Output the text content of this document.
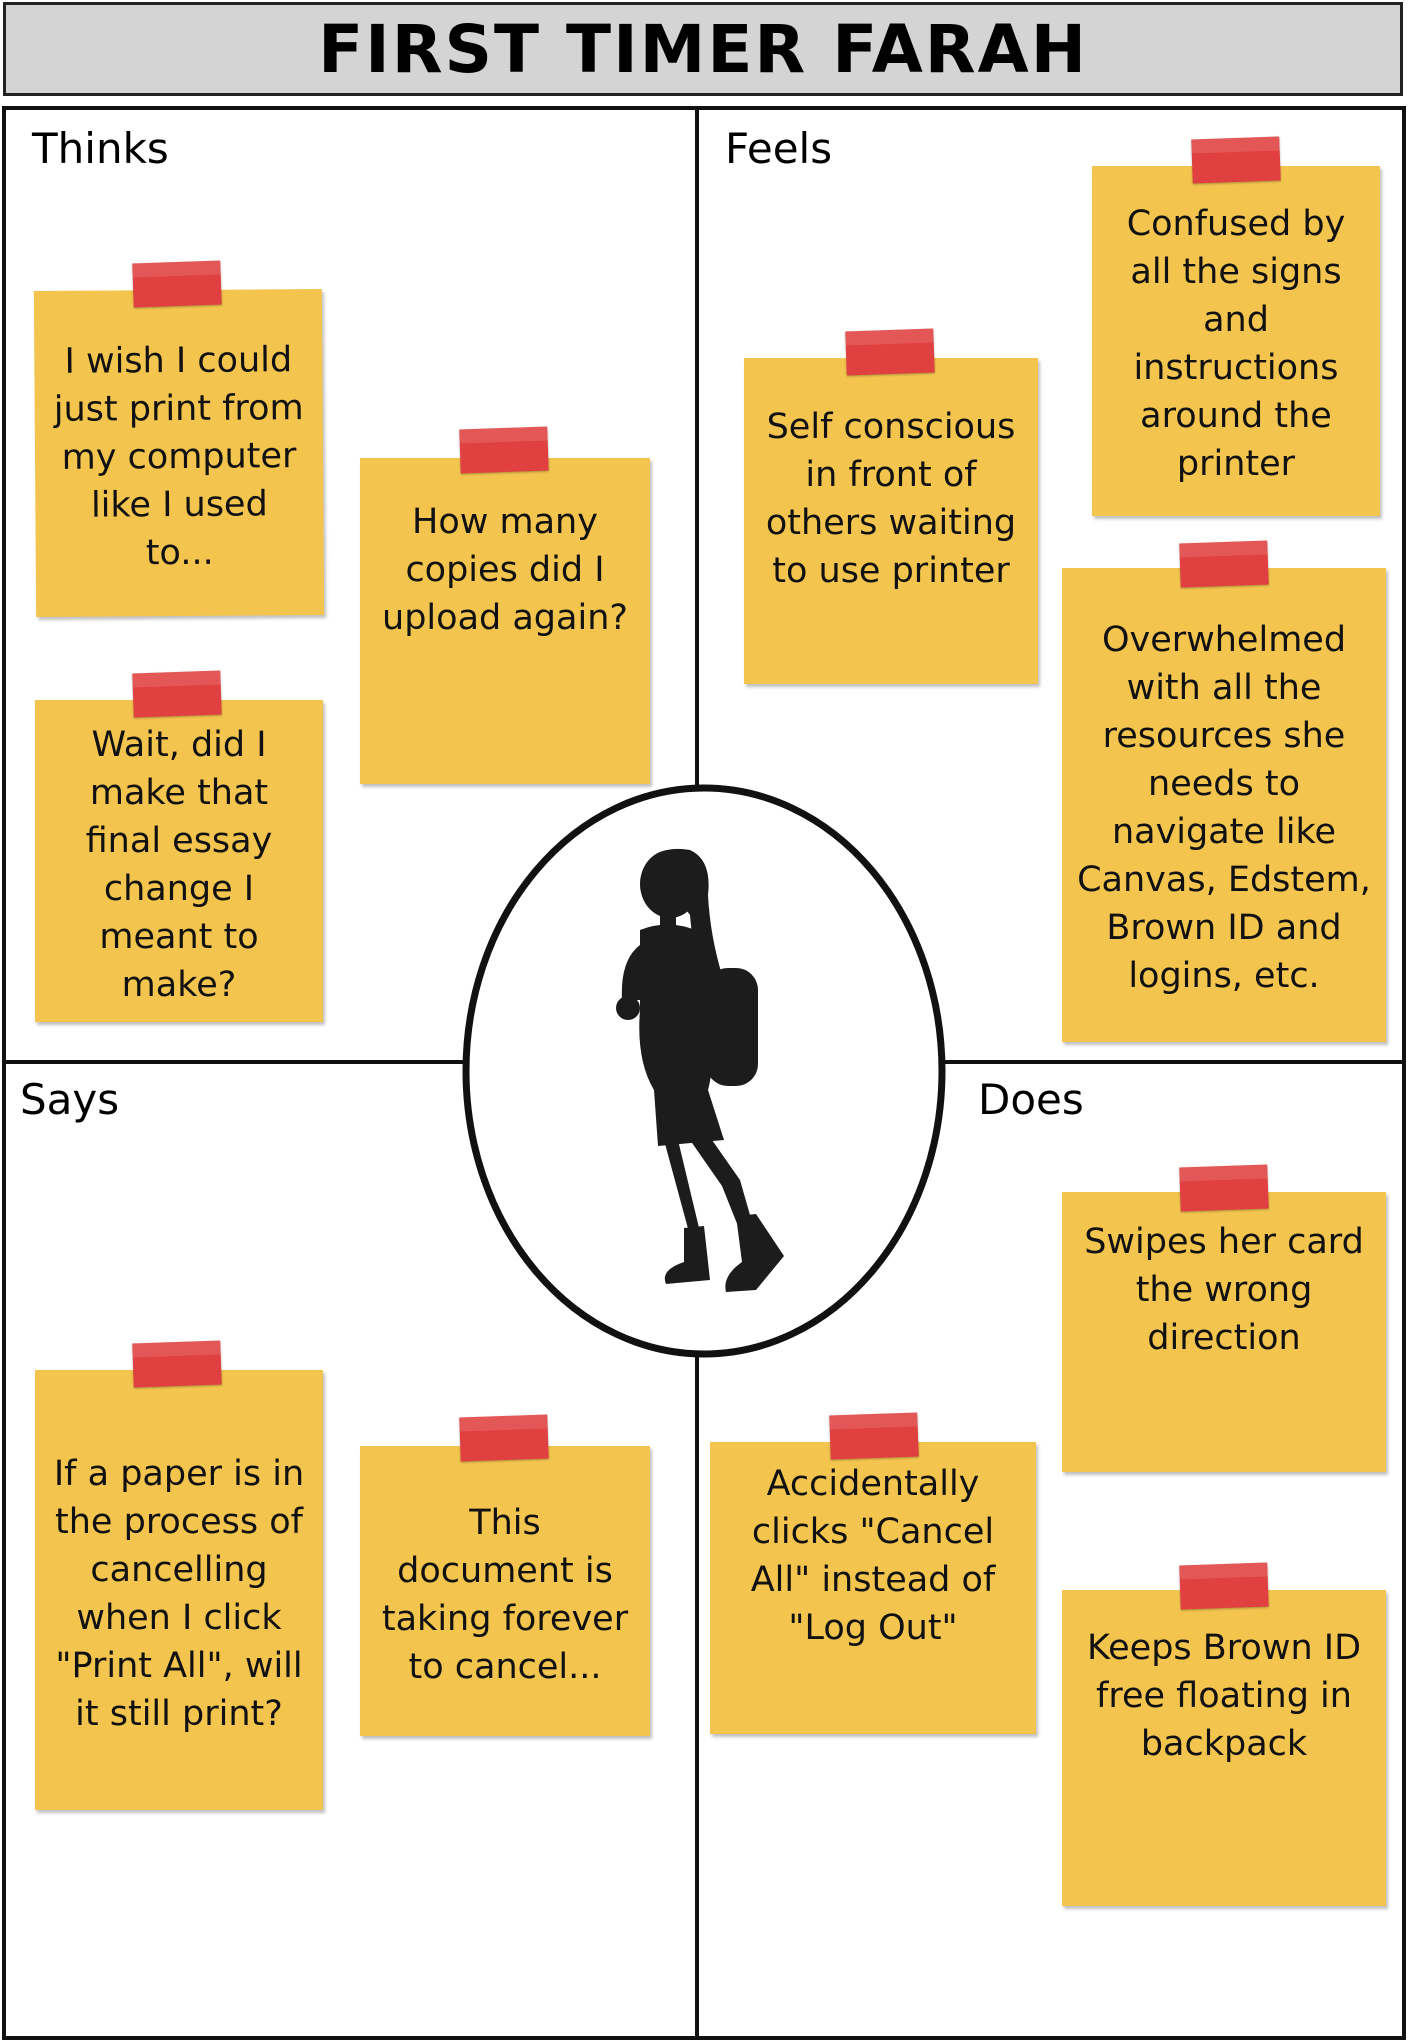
FIRST TIMER FARAH
Thinks	Feels
Says	Does
I wish I could just print from my computer like I used to...
How many copies did I upload again?
Wait, did I make that final essay change I meant to make?
Self conscious in front of others waiting to use printer
Confused by all the signs and instructions around the printer
Overwhelmed with all the resources she needs to navigate like Canvas, Edstem, Brown ID and logins, etc.
If a paper is in the process of cancelling when I click "Print All", will it still print?
This document is taking forever to cancel...
Swipes her card the wrong direction
Accidentally clicks "Cancel All" instead of "Log Out"	Keeps Brown ID free floating in backpack
